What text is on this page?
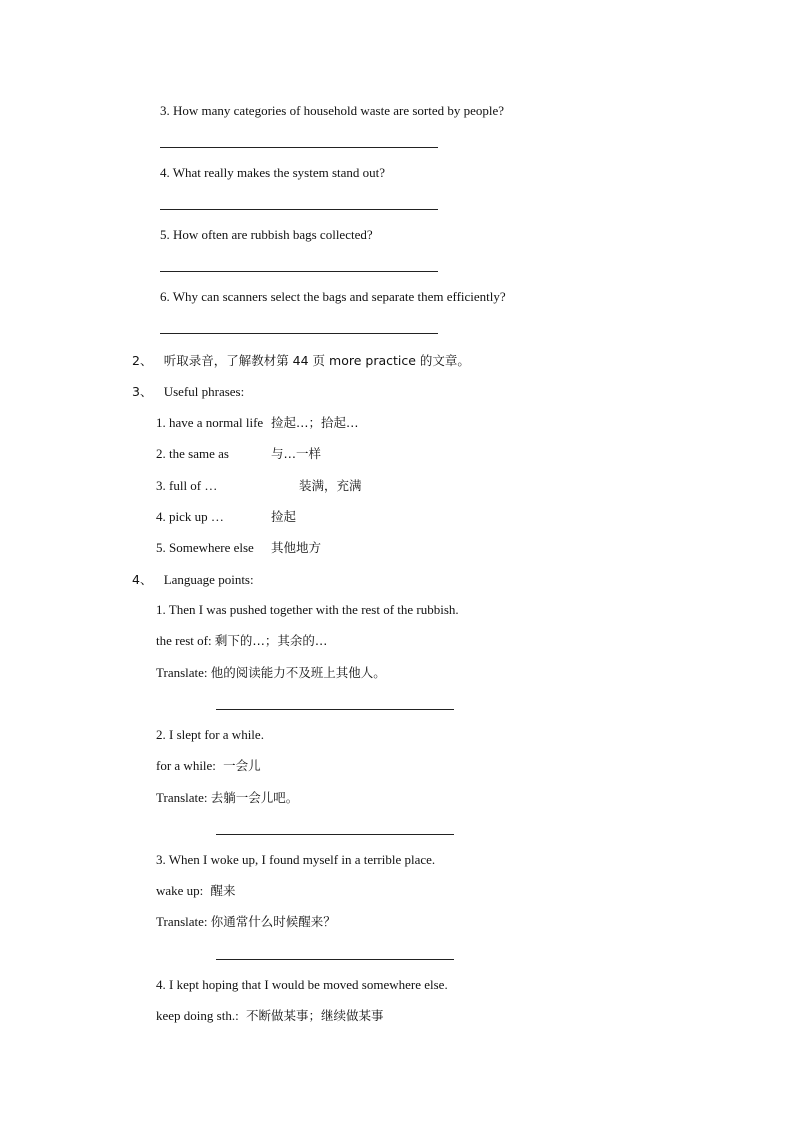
3. How many categories of household waste are sorted by people?
4. What really makes the system stand out?
5. How often are rubbish bags collected?
6. Why can scanners select the bags and separate them efficiently?
2、 听取录音，了解教材第 44 页 more practice 的文章。
3、 Useful phrases:
1. have a normal life 捡起…；拾起…
2. the same as	与…一样
3. full of …	装满，充满
4. pick up …	捡起
5. Somewhere else 其他地方
4、 Language points:
1. Then I was pushed together with the rest of the rubbish.
the rest of: 剩下的…；其余的…
Translate: 他的阅读能力不及班上其他人。
2. I slept for a while.
for a while: 一会儿
Translate: 去躺一会儿吧。
3. When I woke up, I found myself in a terrible place.
wake up: 醒来
Translate: 你通常什么时候醒来？
4. I kept hoping that I would be moved somewhere else.
keep doing sth.: 不断做某事；继续做某事
